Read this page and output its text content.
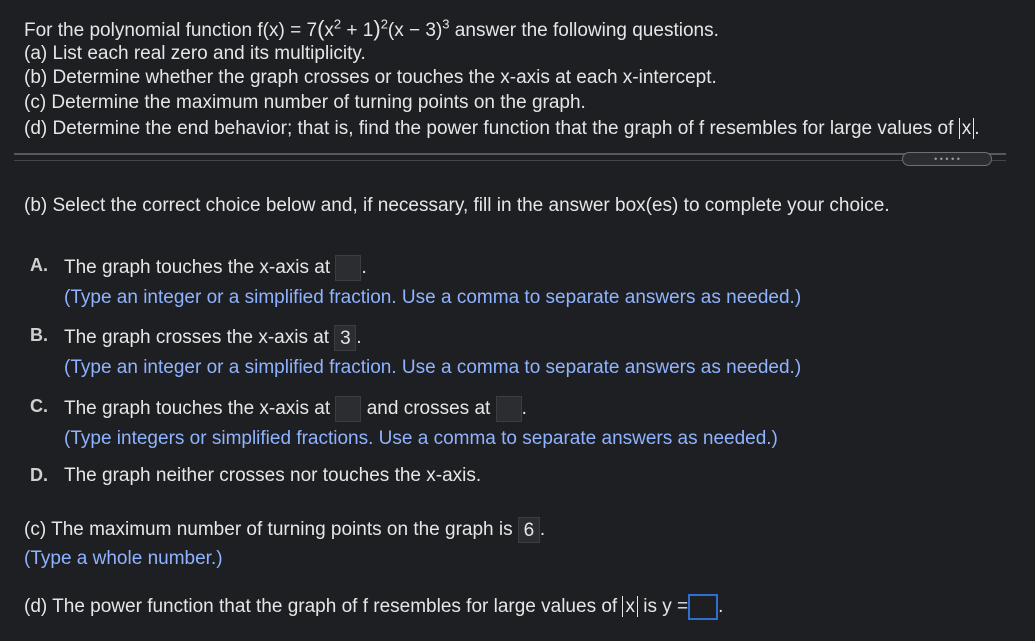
For the polynomial function $f(x) = 7(x^2 + 1)^2(x - 3)^3$ answer the following questions.
(a) List each real zero and its multiplicity.
(b) Determine whether the graph crosses or touches the x-axis at each x-intercept.
(c) Determine the maximum number of turning points on the graph.
(d) Determine the end behavior; that is, find the power function that the graph of f resembles for large values of x .
• • • • •
(b) Select the correct choice below and, if necessary, fill in the answer box(es) to complete your choice.
A. The graph touches the x-axis at .
(Type an integer or a simplified fraction. Use a comma to separate answers as needed.)
B. The graph crosses the x-axis at 3 .
(Type an integer or a simplified fraction. Use a comma to separate answers as needed.)
C. The graph touches the x-axis at and crosses at .
(Type integers or simplified fractions. Use a comma to separate answers as needed.)
D. The graph neither crosses nor touches the x-axis.
(c) The maximum number of turning points on the graph is 6 .
(Type a whole number.)
(d) The power function that the graph of f resembles for large values of x is y = .
